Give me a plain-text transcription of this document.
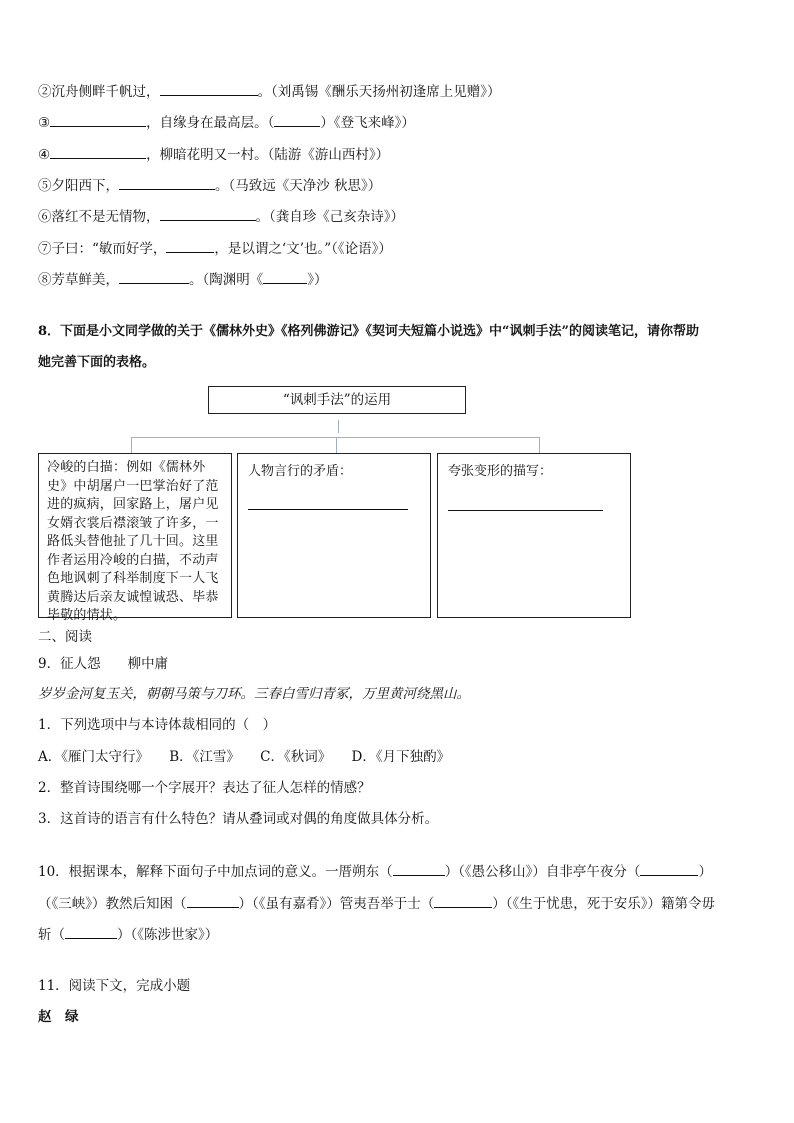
②沉舟侧畔千帆过，	。（刘禹锡《酬乐天扬州初逢席上见赠》）
③	，自缘身在最高层。（	）《登飞来峰》）
④	，柳暗花明又一村。（陆游《游山西村》）
⑤夕阳西下，	。（马致远《天净沙 秋思》）
⑥落红不是无情物，	。（龚自珍《己亥杂诗》）
⑦子曰：“敏而好学，	，是以谓之‘文’也。”（《论语》）
⑧芳草鲜美，	。（陶渊明《	》）
8．下面是小文同学做的关于《儒林外史》《格列佛游记》《契诃夫短篇小说选》中“讽刺手法”的阅读笔记，请你帮助
她完善下面的表格。
“讽刺手法”的运用
冷峻的白描：例如《儒林外史》中胡屠户一巴掌治好了范进的疯病，回家路上，屠户见女婿衣裳后襟滚皱了许多，一路低头替他扯了几十回。这里作者运用冷峻的白描，不动声色地讽刺了科举制度下一人飞黄腾达后亲友诚惶诚恐、毕恭毕敬的情状。
人物言行的矛盾：	夸张变形的描写：
二、阅读
9．征人怨　　柳中庸
岁岁金河复玉关，朝朝马策与刀环。三春白雪归青冢，万里黄河绕黑山。
1．下列选项中与本诗体裁相同的（　）
A．《雁门太守行》　　B．《江雪》　　C．《秋词》　　D．《月下独酌》
2．整首诗围绕哪一个字展开？表达了征人怎样的情感？
3．这首诗的语言有什么特色？请从叠词或对偶的角度做具体分析。
10．根据课本，解释下面句子中加点词的意义。一厝朔东（	）（《愚公移山》）自非亭午夜分（	）
（《三峡》）教然后知困（	）（《虽有嘉肴》）管夷吾举于士（	）（《生于忧患，死于安乐》）籍第令毋
斩（	）（《陈涉世家》）
11．阅读下文，完成小题
赵　绿
